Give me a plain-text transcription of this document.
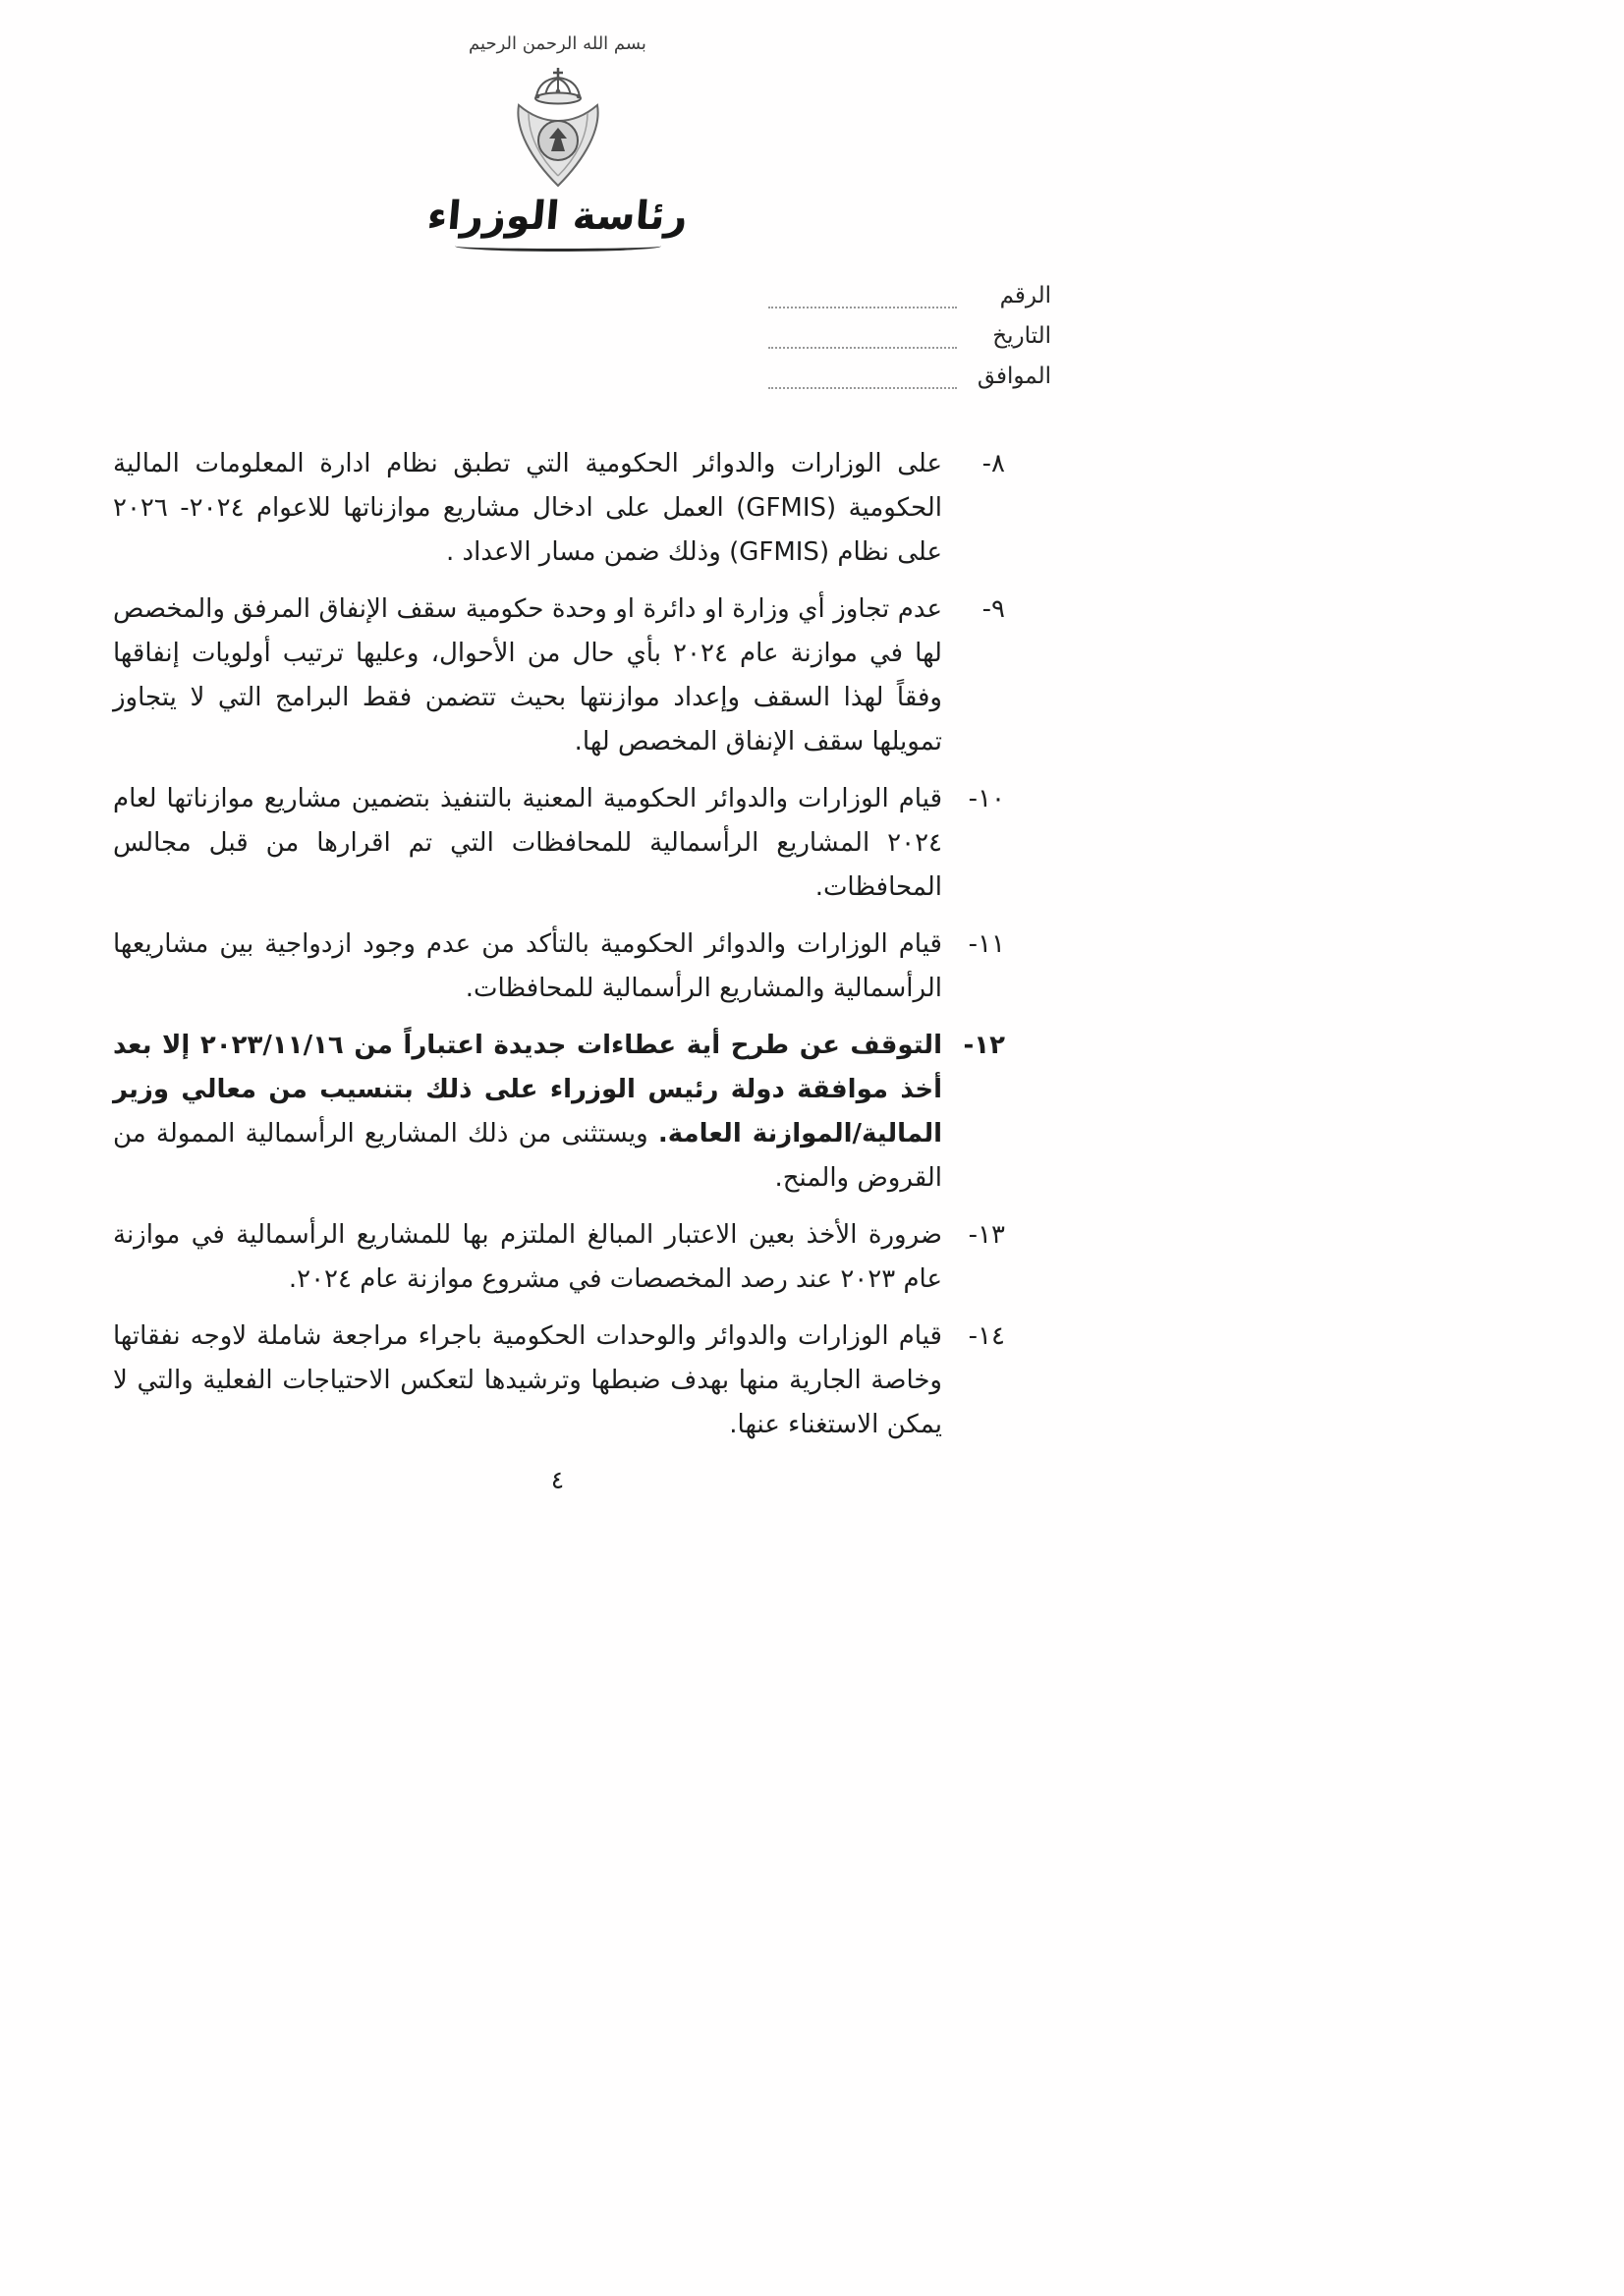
بسم الله الرحمن الرحيم
رئاسة الوزراء
الرقم
التاريخ
الموافق
٨-

على الوزارات والدوائر الحكومية التي تطبق نظام ادارة المعلومات المالية الحكومية (GFMIS) العمل على ادخال مشاريع موازناتها للاعوام ٢٠٢٤- ٢٠٢٦ على نظام (GFMIS) وذلك ضمن مسار الاعداد .

٩-

عدم تجاوز أي وزارة او دائرة او وحدة حكومية سقف الإنفاق المرفق والمخصص لها في موازنة عام ٢٠٢٤ بأي حال من الأحوال، وعليها ترتيب أولويات إنفاقها وفقاً لهذا السقف وإعداد موازنتها بحيث تتضمن فقط البرامج التي لا يتجاوز تمويلها سقف الإنفاق المخصص لها.

١٠-

قيام الوزارات والدوائر الحكومية المعنية بالتنفيذ بتضمين مشاريع موازناتها لعام ٢٠٢٤ المشاريع الرأسمالية للمحافظات التي تم اقرارها من قبل مجالس المحافظات.

١١-

قيام الوزارات والدوائر الحكومية بالتأكد من عدم وجود ازدواجية بين مشاريعها الرأسمالية والمشاريع الرأسمالية للمحافظات.

١٢-

التوقف عن طرح أية عطاءات جديدة اعتباراً من ٢٠٢٣/١١/١٦ إلا بعد أخذ موافقة دولة رئيس الوزراء على ذلك بتنسيب من معالي وزير المالية/الموازنة العامة. ويستثنى من ذلك المشاريع الرأسمالية الممولة من القروض والمنح.

١٣-

ضرورة الأخذ بعين الاعتبار المبالغ الملتزم بها للمشاريع الرأسمالية في موازنة عام ٢٠٢٣ عند رصد المخصصات في مشروع موازنة عام ٢٠٢٤.

١٤-

قيام الوزارات والدوائر والوحدات الحكومية باجراء مراجعة شاملة لاوجه نفقاتها وخاصة الجارية منها بهدف ضبطها وترشيدها لتعكس الاحتياجات الفعلية والتي لا يمكن الاستغناء عنها.

٤
